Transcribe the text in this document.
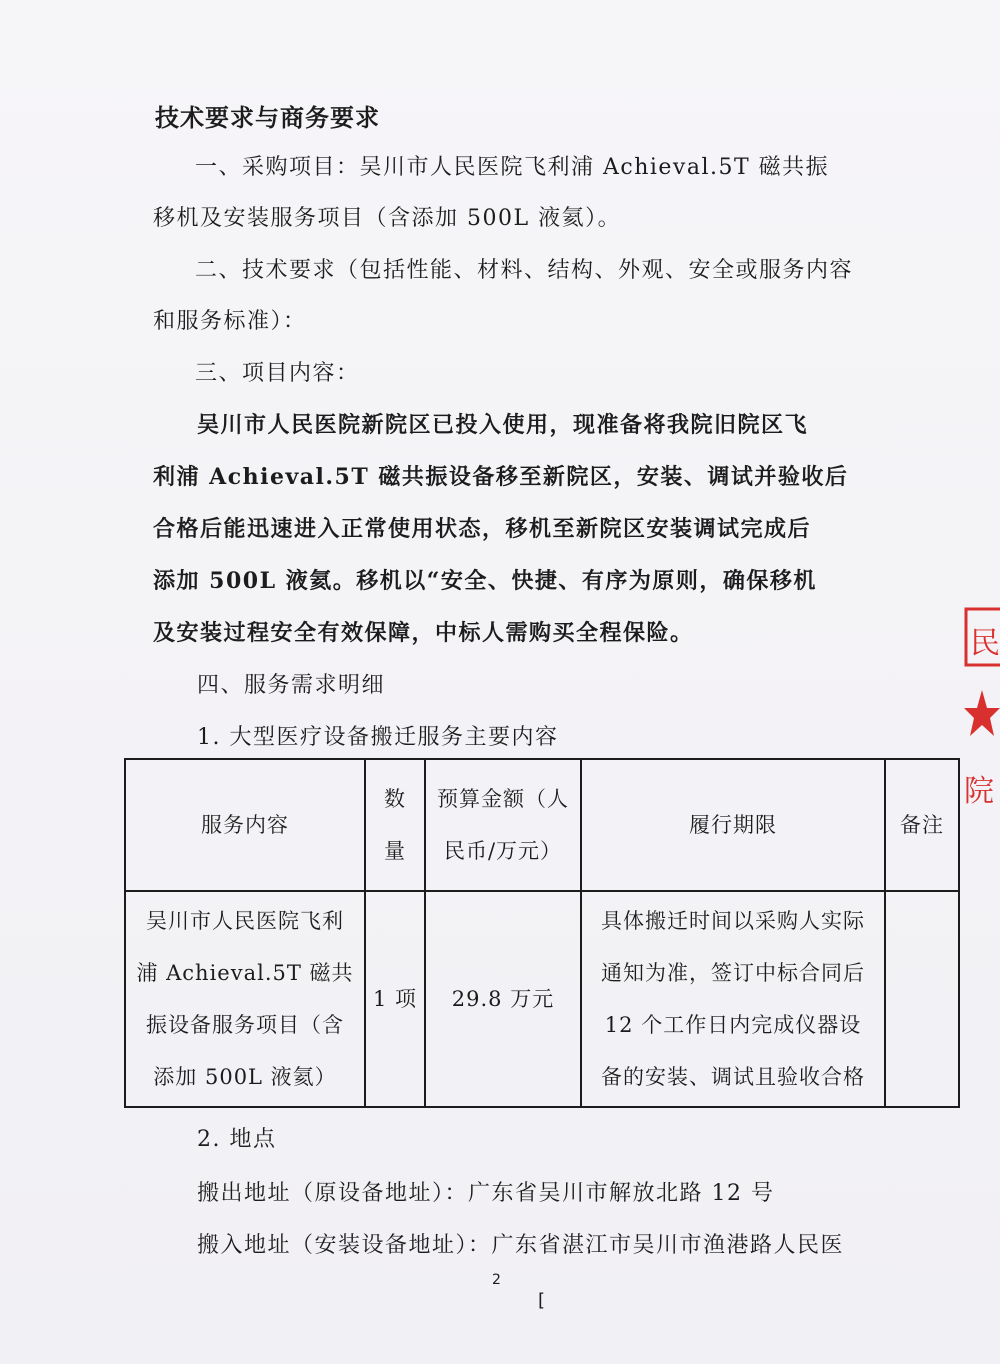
技术要求与商务要求
一、采购项目：吴川市人民医院飞利浦 Achieval.5T 磁共振
移机及安装服务项目（含添加 500L 液氦）。
二、技术要求（包括性能、材料、结构、外观、安全或服务内容
和服务标准）：
三、项目内容：
吴川市人民医院新院区已投入使用，现准备将我院旧院区飞
利浦 Achieval.5T 磁共振设备移至新院区，安装、调试并验收后
合格后能迅速进入正常使用状态，移机至新院区安装调试完成后
添加 500L 液氦。移机以“安全、快捷、有序为原则，确保移机
及安装过程安全有效保障，中标人需购买全程保险。
四、服务需求明细
1. 大型医疗设备搬迁服务主要内容
服务内容
数
量
预算金额（人
民币/万元）
履行期限	备注
吴川市人民医院飞利
浦 Achieval.5T 磁共
振设备服务项目（含
添加 500L 液氦）
1 项 29.8 万元
具体搬迁时间以采购人实际
通知为准，签订中标合同后
12 个工作日内完成仪器设
备的安装、调试且验收合格
2. 地点
搬出地址（原设备地址）：广东省吴川市解放北路 12 号
搬入地址（安装设备地址）：广东省湛江市吴川市渔港路人民医
2
[
民
院
